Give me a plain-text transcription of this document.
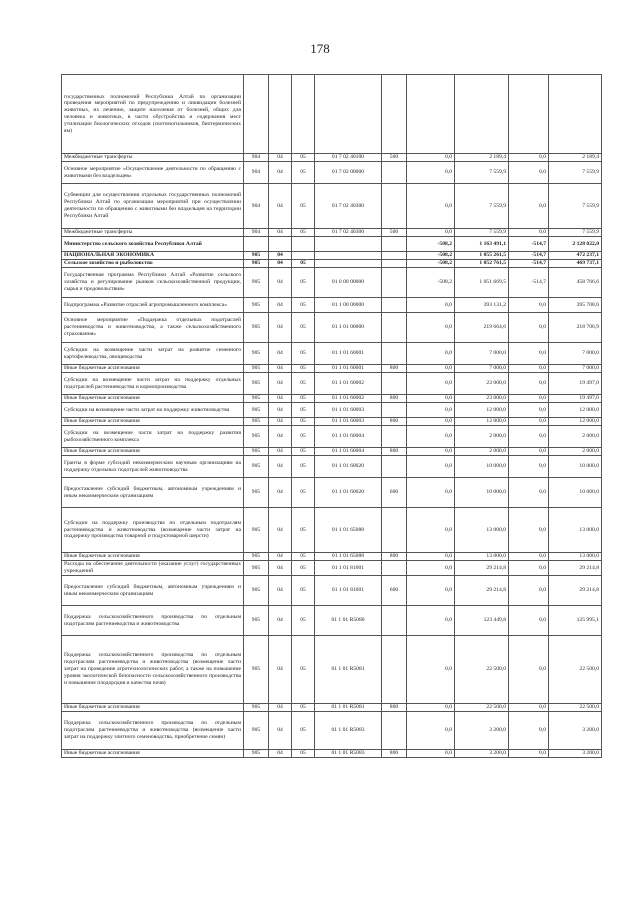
178
государственных полномочий Республики Алтай по организации проведения мероприятий по предупреждению и ликвидации болезней животных, их лечению, защите населения от болезней, общих для человека и животных, в части обустройства и содержания мест утилизации биологических отходов (скотомогильников, биотермических ям)									
Межбюджетные трансферты	904	04	05	01 7 02 40100	500	0,0	2 189,4	0,0	2 189,4
Основное мероприятие «Осуществление деятельности по обращению с животными без владельцев»	904	04	05	01 7 02 00000		0,0	7 559,9	0,0	7 559,9
Субвенции для осуществления отдельных государственных полномочий Республики Алтай по организации мероприятий при осуществлении деятельности по обращению с животными без владельцев на территории Республики Алтай	904	04	05	01 7 02 40300		0,0	7 559,9	0,0	7 559,9
Межбюджетные трансферты	904	04	05	01 7 02 40300	500	0,0	7 559,9	0,0	7 559,9
Министерство сельского хозяйства Республики Алтай						-508,2	1 163 491,1	-514,7	2 128 022,0
НАЦИОНАЛЬНАЯ ЭКОНОМИКА	905	04				-508,2	1 055 261,5	-514,7	472 237,1
Сельское хозяйство и рыболовство	905	04	05			-508,2	1 052 761,5	-514,7	469 737,1
Государственная программа Республики Алтай «Развитие сельского хозяйства и регулирование рынков сельскохозяйственной продукции, сырья и продовольствия»	905	04	05	01 0 00 00000		-508,2	1 051 669,5	-514,7	458 766,6
Подпрограмма «Развитие отраслей агропромышленного комплекса»	905	04	05	01 1 00 00000		0,0	393 131,2	0,0	395 708,6
Основное мероприятие «Поддержка отдельных подотраслей растениеводства и животноводства, а также сельскохозяйственного страхования»	905	04	05	01 1 01 00000		0,0	219 664,6	0,0	218 706,9
Субсидии на возмещение части затрат на развитие семенного картофелеводства, овощеводства	905	04	05	01 1 01 60001		0,0	7 000,0	0,0	7 000,0
Иные бюджетные ассигнования	905	04	05	01 1 01 60001	800	0,0	7 000,0	0,0	7 000,0
Субсидии на возмещение части затрат на поддержку отдельных подотраслей растениеводства и кормопроизводства	905	04	05	01 1 01 60002		0,0	23 000,0	0,0	19 497,0
Иные бюджетные ассигнования	905	04	05	01 1 01 60002	800	0,0	23 000,0	0,0	19 497,0
Субсидии на возмещение части затрат на поддержку животноводства	905	04	05	01 1 01 60003		0,0	12 000,0	0,0	12 000,0
Иные бюджетные ассигнования	905	04	05	01 1 01 60003	800	0,0	12 000,0	0,0	12 000,0
Субсидии на возмещение части затрат на поддержку развития рыбохозяйственного комплекса	905	04	05	01 1 01 60004		0,0	2 000,0	0,0	2 000,0
Иные бюджетные ассигнования	905	04	05	01 1 01 60004	800	0,0	2 000,0	0,0	2 000,0
Гранты в форме субсидий некоммерческим научным организациям на поддержку отдельных подотраслей животноводства	905	04	05	01 1 01 60020		0,0	10 000,0	0,0	10 000,0
Предоставление субсидий бюджетным, автономным учреждениям и иным некоммерческим организациям	905	04	05	01 1 01 60020	600	0,0	10 000,0	0,0	10 000,0
Субсидии на поддержку производства по отдельным подотраслям растениеводства и животноводства (возмещение части затрат на поддержку производства товарной и подуктоварной шерсти)	905	04	05	01 1 01 65088		0,0	13 000,0	0,0	13 000,0
Иные бюджетные ассигнования	905	04	05	01 1 01 65088	800	0,0	13 000,0	0,0	13 000,0
Расходы на обеспечение деятельности (оказание услуг) государственных учреждений	905	04	05	01 1 01 81001		0,0	29 214,8	0,0	29 214,8
Предоставление субсидий бюджетным, автономным учреждениям и иным некоммерческим организациям	905	04	05	01 1 01 81001	600	0,0	29 214,8	0,0	29 214,8
Поддержка сельскохозяйственного производства по отдельным подотраслям растениеводства и животноводства	905	04	05	01 1 01 R5080		0,0	123 449,8	0,0	125 995,1
Поддержка сельскохозяйственного производства по отдельным подотраслям растениеводства и животноводства (возмещение части затрат на проведение агротехнологических работ, а также на повышение уровня экологической безопасности сельскохозяйственного производства и повышение плодородия и качества почв)	905	04	05	01 1 01 R5081		0,0	22 500,0	0,0	22 500,0
Иные бюджетные ассигнования	905	04	05	01 1 01 R5081	800	0,0	22 500,0	0,0	22 500,0
Поддержка сельскохозяйственного производства по отдельным подотраслям растениеводства и животноводства (возмещение части затрат на поддержку элитного семеноводства, приобретение семян)	905	04	05	01 1 01 R5083		0,0	3 200,0	0,0	3 200,0
Иные бюджетные ассигнования	905	04	05	01 1 01 R5083	800	0,0	3 200,0	0,0	3 200,0
